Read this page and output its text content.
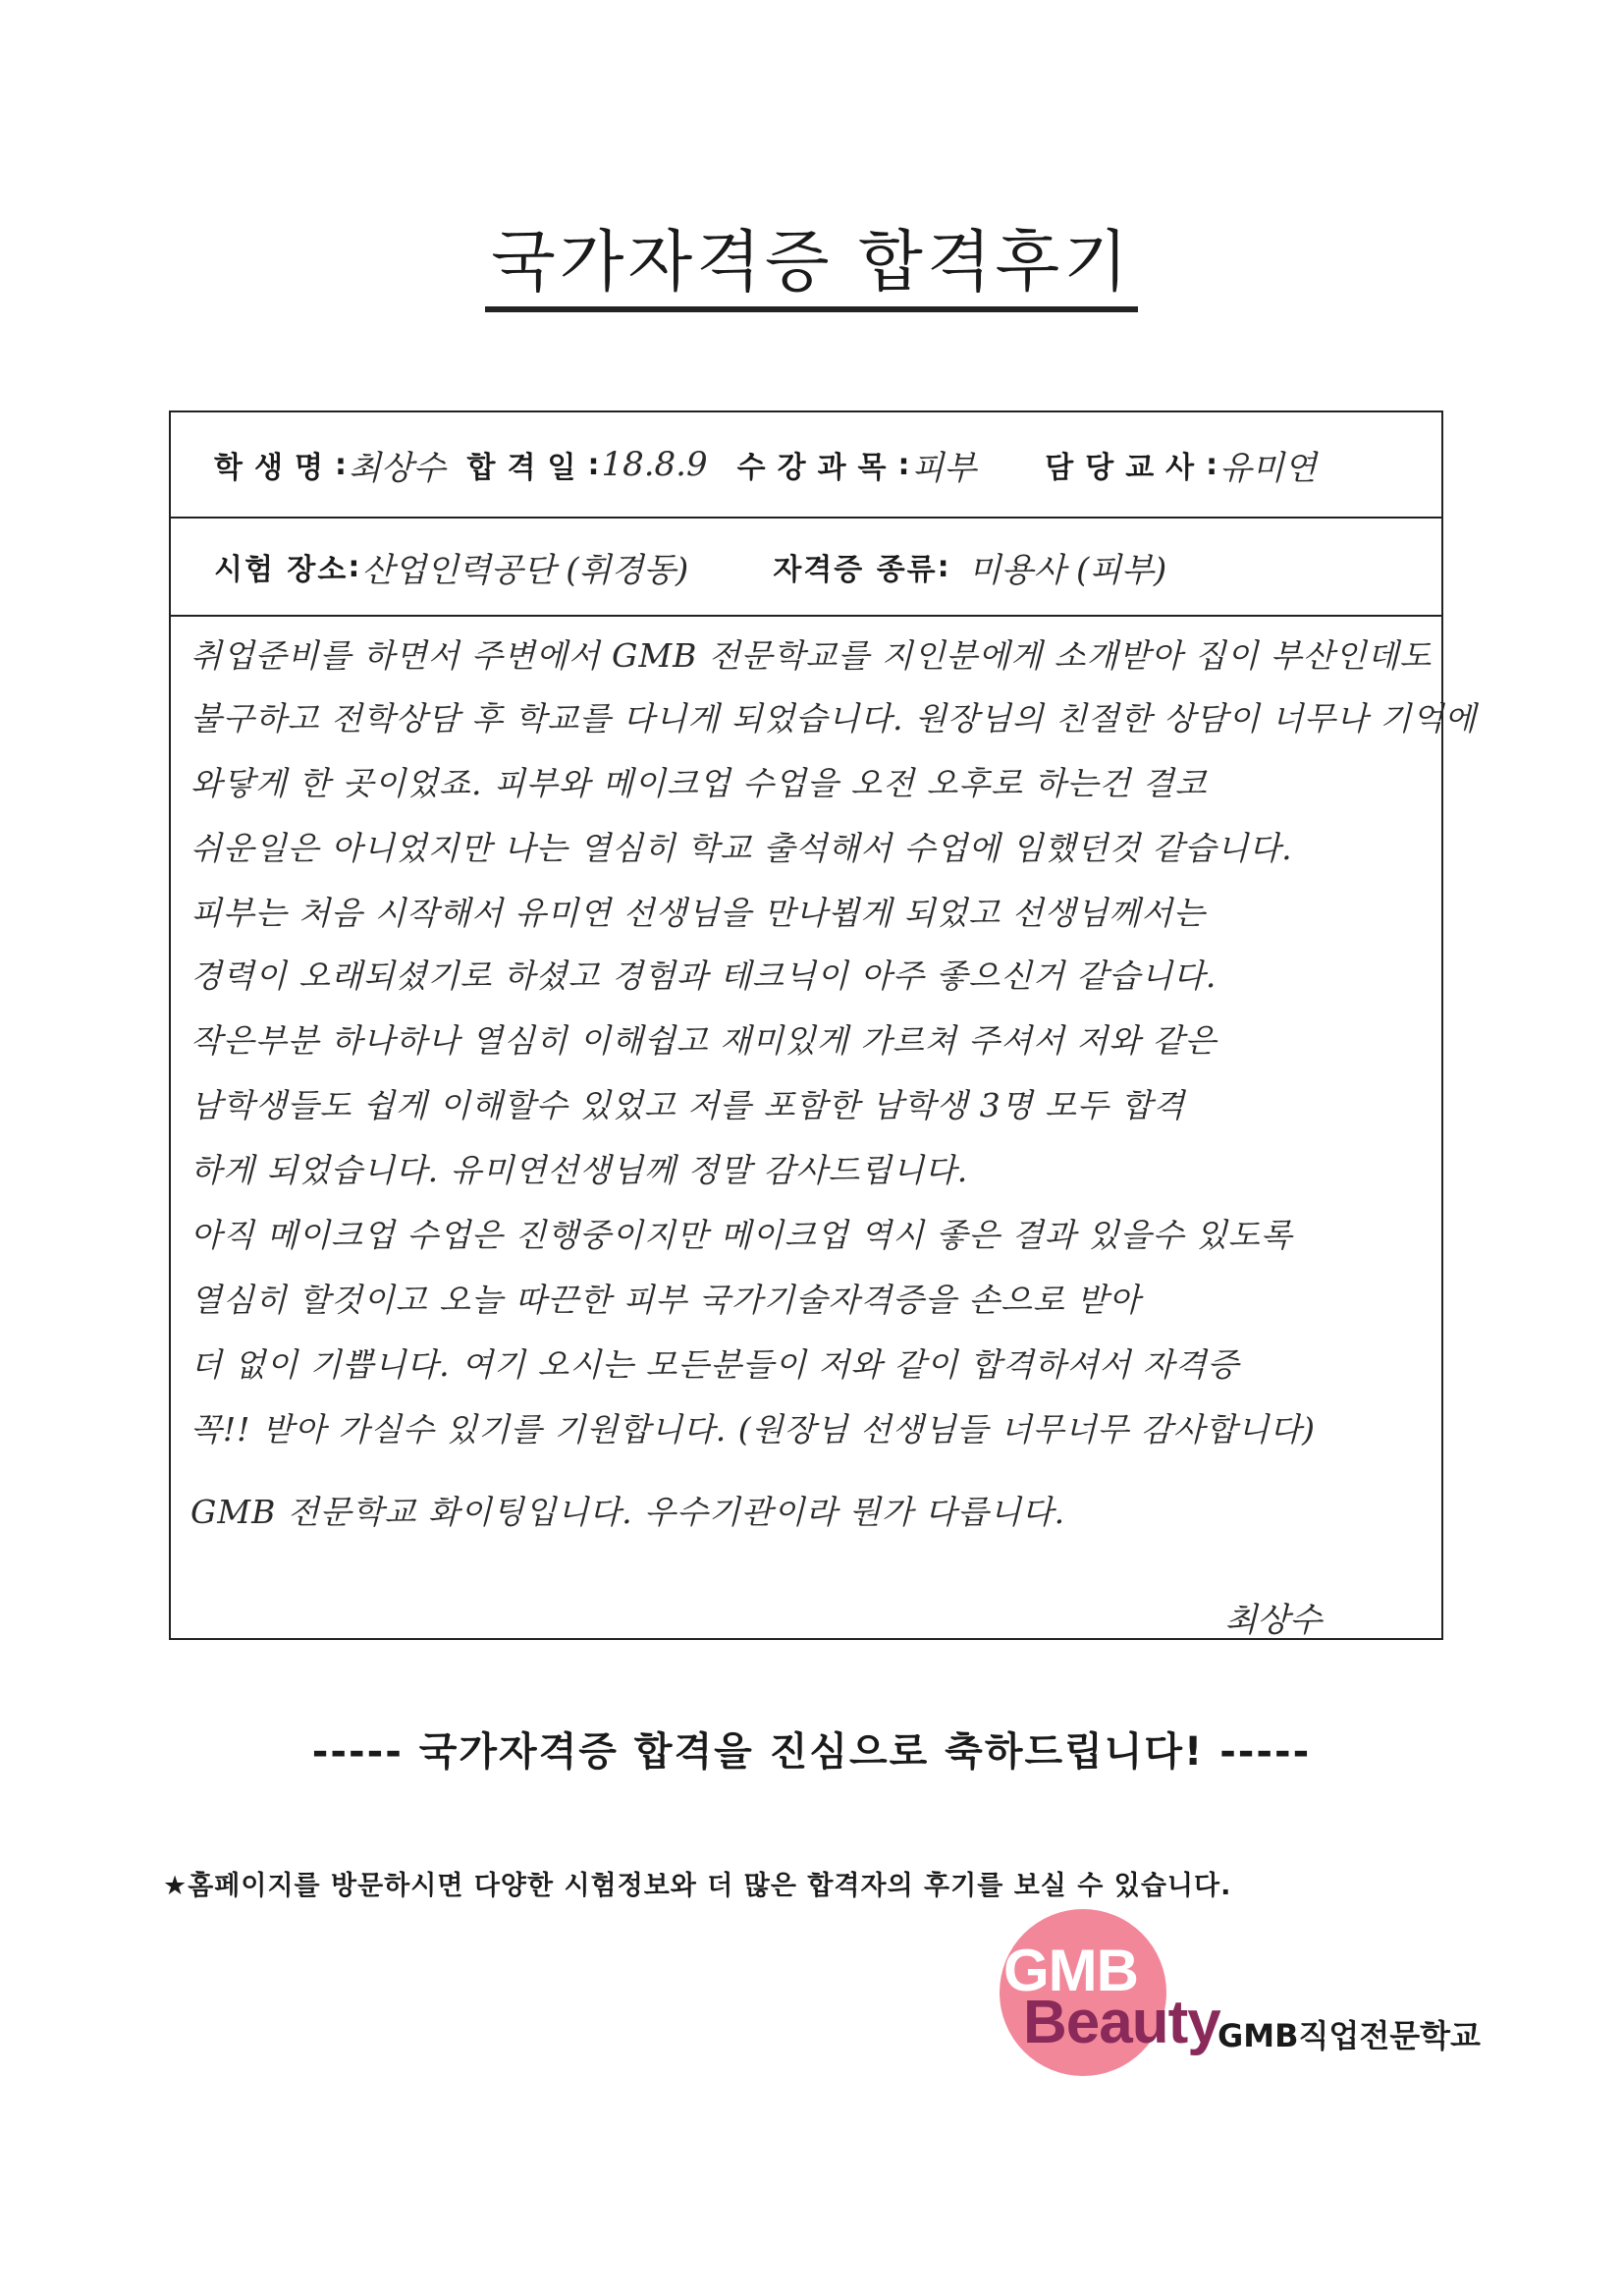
국가자격증 합격후기
학생명 : 최상수 합격일 : 18.8.9 수강과목 : 피부 담당교사 : 유미연
시험 장소 : 산업인력공단 (휘경동)	자격증 종류 : 미용사 (피부)
취업준비를 하면서 주변에서 GMB 전문학교를 지인분에게 소개받아 집이 부산인데도
불구하고 전학상담 후 학교를 다니게 되었습니다. 원장님의 친절한 상담이 너무나 기억에
와닿게 한 곳이었죠. 피부와 메이크업 수업을 오전 오후로 하는건 결코
쉬운일은 아니었지만 나는 열심히 학교 출석해서 수업에 임했던것 같습니다.
피부는 처음 시작해서 유미연 선생님을 만나뵙게 되었고 선생님께서는
경력이 오래되셨기로 하셨고 경험과 테크닉이 아주 좋으신거 같습니다.
작은부분 하나하나 열심히 이해쉽고 재미있게 가르쳐 주셔서 저와 같은
남학생들도 쉽게 이해할수 있었고 저를 포함한 남학생 3명 모두 합격
하게 되었습니다. 유미연선생님께 정말 감사드립니다.
아직 메이크업 수업은 진행중이지만 메이크업 역시 좋은 결과 있을수 있도록
열심히 할것이고 오늘 따끈한 피부 국가기술자격증을 손으로 받아
더 없이 기쁩니다. 여기 오시는 모든분들이 저와 같이 합격하셔서 자격증
꼭!! 받아 가실수 있기를 기원합니다. (원장님 선생님들 너무너무 감사합니다)
GMB 전문학교 화이팅입니다. 우수기관이라 뭔가 다릅니다.
최상수
----- 국가자격증 합격을 진심으로 축하드립니다! -----
★홈페이지를 방문하시면 다양한 시험정보와 더 많은 합격자의 후기를 보실 수 있습니다.
GMB
Beauty
GMB직업전문학교
